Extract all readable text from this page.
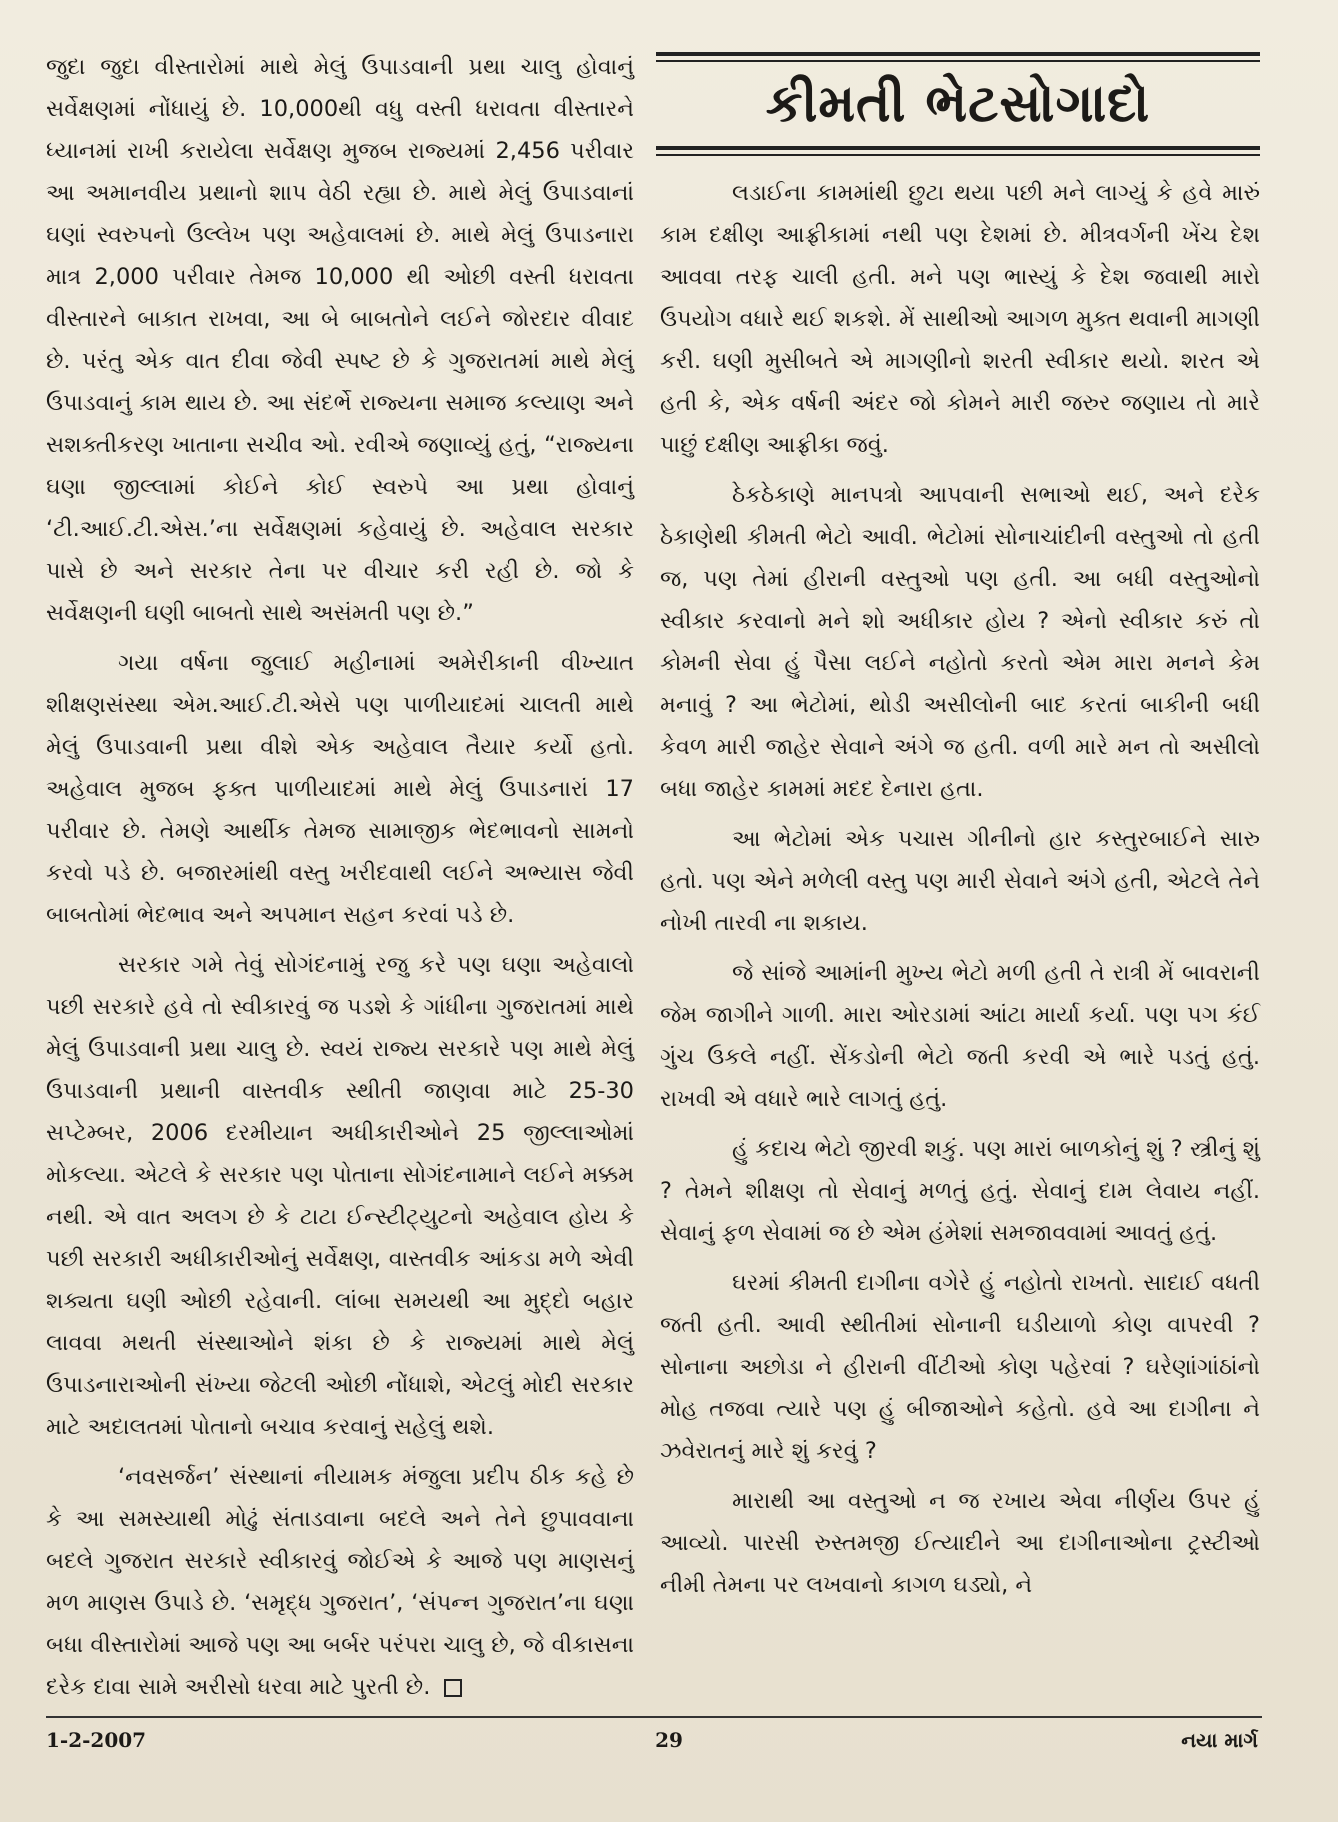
જુદા જુદા વીસ્તારોમાં માથે મેલું ઉપાડવાની પ્રથા ચાલુ હોવાનું સર્વેક્ષણમાં નોંધાયું છે. 10,000થી વધુ વસ્તી ધરાવતા વીસ્તારને ધ્યાનમાં રાખી કરાયેલા સર્વેક્ષણ મુજબ રાજ્યમાં 2,456 પરીવાર આ અમાનવીય પ્રથાનો શાપ વેઠી રહ્યા છે. માથે મેલું ઉપાડવાનાં ઘણાં સ્વરુપનો ઉલ્લેખ પણ અહેવાલમાં છે. માથે મેલું ઉપાડનારા માત્ર 2,000 પરીવાર તેમજ 10,000 થી ઓછી વસ્તી ધરાવતા વીસ્તારને બાકાત રાખવા, આ બે બાબતોને લઈને જોરદાર વીવાદ છે. પરંતુ એક વાત દીવા જેવી સ્પષ્ટ છે કે ગુજરાતમાં માથે મેલું ઉપાડવાનું કામ થાય છે. આ સંદર્ભે રાજ્યના સમાજ કલ્યાણ અને સશક્તીકરણ ખાતાના સચીવ ઓ. રવીએ જણાવ્યું હતું, “રાજ્યના ઘણા જીલ્લામાં કોઈને કોઈ સ્વરુપે આ પ્રથા હોવાનું ‘ટી.આઈ.ટી.એસ.’ના સર્વેક્ષણમાં કહેવાયું છે. અહેવાલ સરકાર પાસે છે અને સરકાર તેના પર વીચાર કરી રહી છે. જો કે સર્વેક્ષણની ઘણી બાબતો સાથે અસંમતી પણ છે.”

ગયા વર્ષના જુલાઈ મહીનામાં અમેરીકાની વીખ્યાત શીક્ષણસંસ્થા એમ.આઈ.ટી.એસે પણ પાળીયાદમાં ચાલતી માથે મેલું ઉપાડવાની પ્રથા વીશે એક અહેવાલ તૈયાર કર્યો હતો. અહેવાલ મુજબ ફક્ત પાળીયાદમાં માથે મેલું ઉપાડનારાં 17 પરીવાર છે. તેમણે આર્થીક તેમજ સામાજીક ભેદભાવનો સામનો કરવો પડે છે. બજારમાંથી વસ્તુ ખરીદવાથી લઈને અભ્યાસ જેવી બાબતોમાં ભેદભાવ અને અપમાન સહન કરવાં પડે છે.

સરકાર ગમે તેવું સોગંદનામું રજુ કરે પણ ઘણા અહેવાલો પછી સરકારે હવે તો સ્વીકારવું જ પડશે કે ગાંધીના ગુજરાતમાં માથે મેલું ઉપાડવાની પ્રથા ચાલુ છે. સ્વયં રાજ્ય સરકારે પણ માથે મેલું ઉપાડવાની પ્રથાની વાસ્તવીક સ્થીતી જાણવા માટે 25-30 સપ્ટેમ્બર, 2006 દરમીયાન અધીકારીઓને 25 જીલ્લાઓમાં મોકલ્યા. એટલે કે સરકાર પણ પોતાના સોગંદનામાને લઈને મક્કમ નથી. એ વાત અલગ છે કે ટાટા ઈન્સ્ટીટ્યુટનો અહેવાલ હોય કે પછી સરકારી અધીકારીઓનું સર્વેક્ષણ, વાસ્તવીક આંકડા મળે એવી શક્યતા ઘણી ઓછી રહેવાની. લાંબા સમયથી આ મુદ્દો બહાર લાવવા મથતી સંસ્થાઓને શંકા છે કે રાજ્યમાં માથે મેલું ઉપાડનારાઓની સંખ્યા જેટલી ઓછી નોંધાશે, એટલું મોદી સરકાર માટે અદાલતમાં પોતાનો બચાવ કરવાનું સહેલું થશે.

‘નવસર્જન’ સંસ્થાનાં નીયામક મંજુલા પ્રદીપ ઠીક કહે છે કે આ સમસ્યાથી મોઢું સંતાડવાના બદલે અને તેને છુપાવવાના બદલે ગુજરાત સરકારે સ્વીકારવું જોઈએ કે આજે પણ માણસનું મળ માણસ ઉપાડે છે. ‘સમૃદ્ધ ગુજરાત’, ‘સંપન્ન ગુજરાત’ના ઘણા બધા વીસ્તારોમાં આજે પણ આ બર્બર પરંપરા ચાલુ છે, જે વીકાસના દરેક દાવા સામે અરીસો ધરવા માટે પુરતી છે.

કીમતી ભેટસોગાદો

લડાઈના કામમાંથી છુટા થયા પછી મને લાગ્યું કે હવે મારું કામ દક્ષીણ આફ્રીકામાં નથી પણ દેશમાં છે. મીત્રવર્ગની ખેંચ દેશ આવવા તરફ ચાલી હતી. મને પણ ભાસ્યું કે દેશ જવાથી મારો ઉપયોગ વધારે થઈ શકશે. મેં સાથીઓ આગળ મુક્ત થવાની માગણી કરી. ઘણી મુસીબતે એ માગણીનો શરતી સ્વીકાર થયો. શરત એ હતી કે, એક વર્ષની અંદર જો કોમને મારી જરુર જણાય તો મારે પાછું દક્ષીણ આફ્રીકા જવું.

ઠેકઠેકાણે માનપત્રો આપવાની સભાઓ થઈ, અને દરેક ઠેકાણેથી કીમતી ભેટો આવી. ભેટોમાં સોનાચાંદીની વસ્તુઓ તો હતી જ, પણ તેમાં હીરાની વસ્તુઓ પણ હતી. આ બધી વસ્તુઓનો સ્વીકાર કરવાનો મને શો અધીકાર હોય ? એનો સ્વીકાર કરું તો કોમની સેવા હું પૈસા લઈને નહોતો કરતો એમ મારા મનને કેમ મનાવું ? આ ભેટોમાં, થોડી અસીલોની બાદ કરતાં બાકીની બધી કેવળ મારી જાહેર સેવાને અંગે જ હતી. વળી મારે મન તો અસીલો બધા જાહેર કામમાં મદદ દેનારા હતા.

આ ભેટોમાં એક પચાસ ગીનીનો હાર કસ્તુરબાઈને સારુ હતો. પણ એને મળેલી વસ્તુ પણ મારી સેવાને અંગે હતી, એટલે તેને નોખી તારવી ના શકાય.

જે સાંજે આમાંની મુખ્ય ભેટો મળી હતી તે રાત્રી મેં બાવરાની જેમ જાગીને ગાળી. મારા ઓરડામાં આંટા માર્યા કર્યા. પણ પગ કંઈ ગુંચ ઉકલે નહીં. સેંકડોની ભેટો જતી કરવી એ ભારે પડતું હતું. રાખવી એ વધારે ભારે લાગતું હતું.

હું કદાચ ભેટો જીરવી શકું. પણ મારાં બાળકોનું શું ? સ્ત્રીનું શું ? તેમને શીક્ષણ તો સેવાનું મળતું હતું. સેવાનું દામ લેવાય નહીં. સેવાનું ફળ સેવામાં જ છે એમ હંમેશાં સમજાવવામાં આવતું હતું.

ઘરમાં કીમતી દાગીના વગેરે હું નહોતો રાખતો. સાદાઈ વધતી જતી હતી. આવી સ્થીતીમાં સોનાની ઘડીયાળો કોણ વાપરવી ? સોનાના અછોડા ને હીરાની વીંટીઓ કોણ પહેરવાં ? ઘરેણાંગાંઠાંનો મોહ તજવા ત્યારે પણ હું બીજાઓને કહેતો. હવે આ દાગીના ને ઝવેરાતનું મારે શું કરવું ?

મારાથી આ વસ્તુઓ ન જ રખાય એવા નીર્ણય ઉપર હું આવ્યો. પારસી રુસ્તમજી ઈત્યાદીને આ દાગીનાઓના ટ્રસ્ટીઓ નીમી તેમના પર લખવાનો કાગળ ઘડ્યો, ને

1-2-2007	29	નયા માર્ગ
